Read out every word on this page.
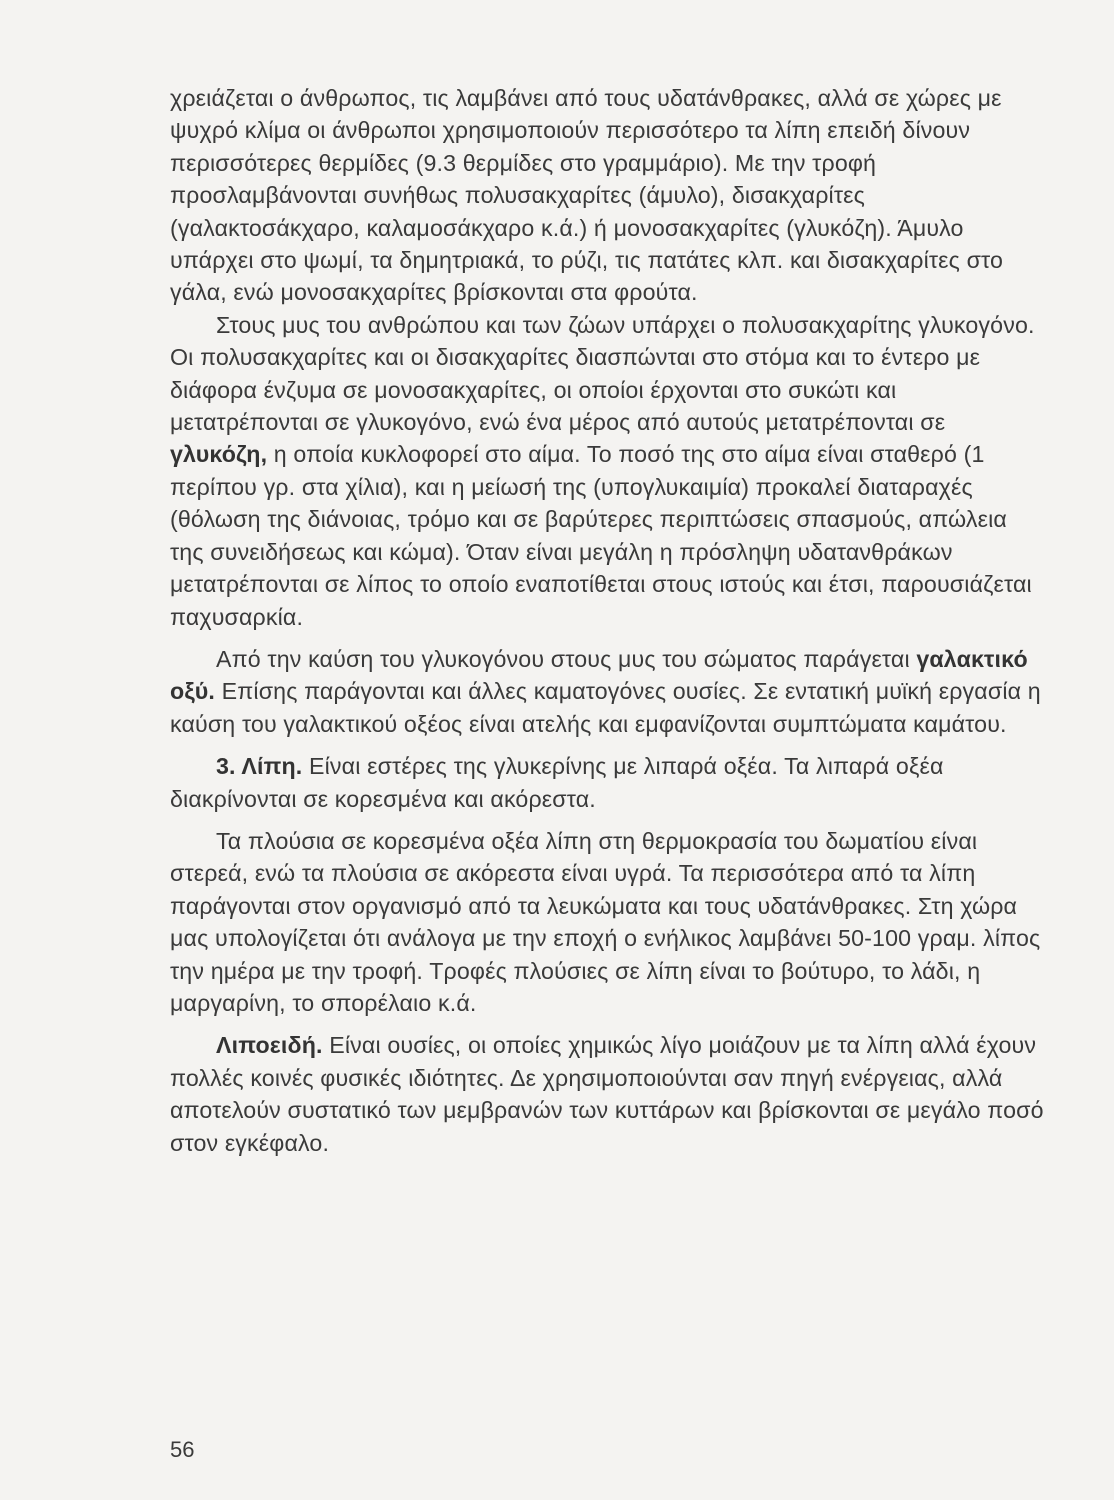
χρειάζεται ο άνθρωπος, τις λαμβάνει από τους υδατάνθρακες, αλλά σε χώρες με ψυχρό κλίμα οι άνθρωποι χρησιμοποιούν περισσότερο τα λίπη επειδή δίνουν περισσότερες θερμίδες (9.3 θερμίδες στο γραμμάριο). Με την τροφή προσλαμβάνονται συνήθως πολυσακχαρίτες (άμυλο), δισακχαρίτες (γαλακτοσάκχαρο, καλαμοσάκχαρο κ.ά.) ή μονοσακχαρίτες (γλυκόζη). Άμυλο υπάρχει στο ψωμί, τα δημητριακά, το ρύζι, τις πατάτες κλπ. και δισακχαρίτες στο γάλα, ενώ μονοσακχαρίτες βρίσκονται στα φρούτα.

Στους μυς του ανθρώπου και των ζώων υπάρχει ο πολυσακχαρίτης γλυκογόνο. Οι πολυσακχαρίτες και οι δισακχαρίτες διασπώνται στο στόμα και το έντερο με διάφορα ένζυμα σε μονοσακχαρίτες, οι οποίοι έρχονται στο συκώτι και μετατρέπονται σε γλυκογόνο, ενώ ένα μέρος από αυτούς μετατρέπονται σε γλυκόζη, η οποία κυκλοφορεί στο αίμα. Το ποσό της στο αίμα είναι σταθερό (1 περίπου γρ. στα χίλια), και η μείωσή της (υπογλυκαιμία) προκαλεί διαταραχές (θόλωση της διάνοιας, τρόμο και σε βαρύτερες περιπτώσεις σπασμούς, απώλεια της συνειδήσεως και κώμα). Όταν είναι μεγάλη η πρόσληψη υδατανθράκων μετατρέπονται σε λίπος το οποίο εναποτίθεται στους ιστούς και έτσι, παρουσιάζεται παχυσαρκία.

Από την καύση του γλυκογόνου στους μυς του σώματος παράγεται γαλακτικό οξύ. Επίσης παράγονται και άλλες καματογόνες ουσίες. Σε εντατική μυϊκή εργασία η καύση του γαλακτικού οξέος είναι ατελής και εμφανίζονται συμπτώματα καμάτου.

3. Λίπη. Είναι εστέρες της γλυκερίνης με λιπαρά οξέα. Τα λιπαρά οξέα διακρίνονται σε κορεσμένα και ακόρεστα.

Τα πλούσια σε κορεσμένα οξέα λίπη στη θερμοκρασία του δωματίου είναι στερεά, ενώ τα πλούσια σε ακόρεστα είναι υγρά. Τα περισσότερα από τα λίπη παράγονται στον οργανισμό από τα λευκώματα και τους υδατάνθρακες. Στη χώρα μας υπολογίζεται ότι ανάλογα με την εποχή ο ενήλικος λαμβάνει 50-100 γραμ. λίπος την ημέρα με την τροφή. Τροφές πλούσιες σε λίπη είναι το βούτυρο, το λάδι, η μαργαρίνη, το σπορέλαιο κ.ά.

Λιποειδή. Είναι ουσίες, οι οποίες χημικώς λίγο μοιάζουν με τα λίπη αλλά έχουν πολλές κοινές φυσικές ιδιότητες. Δε χρησιμοποιούνται σαν πηγή ενέργειας, αλλά αποτελούν συστατικό των μεμβρανών των κυττάρων και βρίσκονται σε μεγάλο ποσό στον εγκέφαλο.

56
